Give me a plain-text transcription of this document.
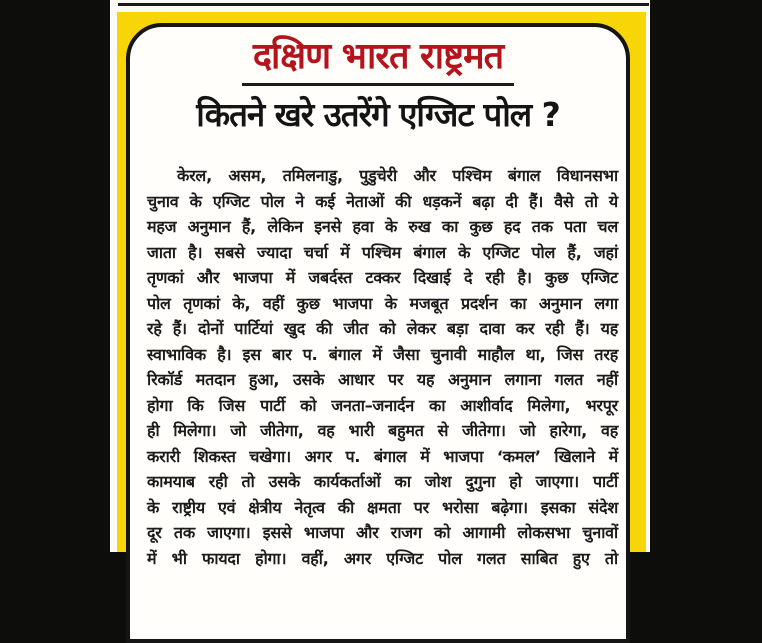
दक्षिण भारत राष्ट्रमत
कितने खरे उतरेंगे एग्जिट पोल ?
केरल, असम, तमिलनाडु, पुडुचेरी और पश्चिम बंगाल विधानसभा
चुनाव के एग्जिट पोल ने कई नेताओं की धड़कनें बढ़ा दी हैं। वैसे तो ये
महज अनुमान हैं, लेकिन इनसे हवा के रुख का कुछ हद तक पता चल
जाता है। सबसे ज्यादा चर्चा में पश्चिम बंगाल के एग्जिट पोल हैं, जहां
तृणकां और भाजपा में जबर्दस्त टक्कर दिखाई दे रही है। कुछ एग्जिट
पोल तृणकां के, वहीं कुछ भाजपा के मजबूत प्रदर्शन का अनुमान लगा
रहे हैं। दोनों पार्टियां खुद की जीत को लेकर बड़ा दावा कर रही हैं। यह
स्वाभाविक है। इस बार प. बंगाल में जैसा चुनावी माहौल था, जिस तरह
रिकॉर्ड मतदान हुआ, उसके आधार पर यह अनुमान लगाना गलत नहीं
होगा कि जिस पार्टी को जनता–जनार्दन का आशीर्वाद मिलेगा, भरपूर
ही मिलेगा। जो जीतेगा, वह भारी बहुमत से जीतेगा। जो हारेगा, वह
करारी शिकस्त चखेगा। अगर प. बंगाल में भाजपा ‘कमल’ खिलाने में
कामयाब रही तो उसके कार्यकर्ताओं का जोश दुगुना हो जाएगा। पार्टी
के राष्ट्रीय एवं क्षेत्रीय नेतृत्व की क्षमता पर भरोसा बढ़ेगा। इसका संदेश
दूर तक जाएगा। इससे भाजपा और राजग को आगामी लोकसभा चुनावों
में भी फायदा होगा। वहीं, अगर एग्जिट पोल गलत साबित हुए तो
